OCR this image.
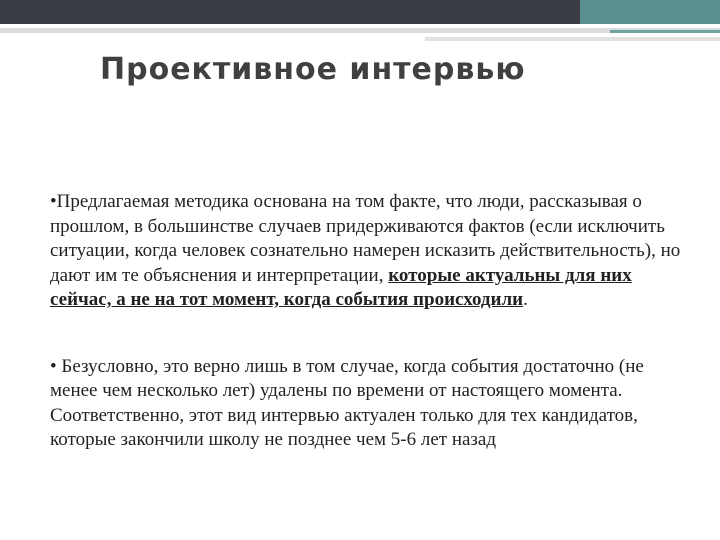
Проективное интервью

•Предлагаемая методика основана на том факте, что люди, рассказывая о прошлом, в большинстве случаев придерживаются фактов (если исключить ситуации, когда человек сознательно намерен исказить действительность), но дают им те объяснения и интерпретации, которые актуальны для них сейчас, а не на тот момент, когда события происходили.

• Безусловно, это верно лишь в том случае, когда события достаточно (не менее чем несколько лет) удалены по времени от настоящего момента. Соответственно, этот вид интервью актуален только для тех кандидатов, которые закончили школу не позднее чем 5-6 лет назад
